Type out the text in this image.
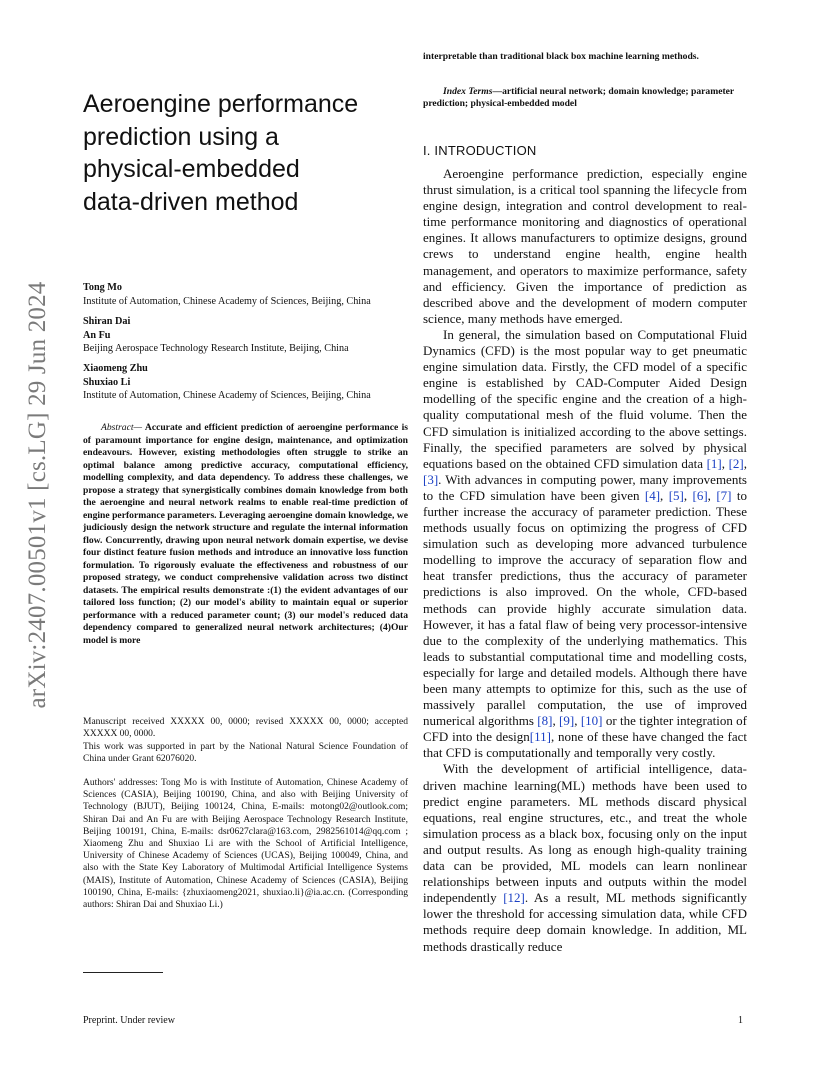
arXiv:2407.00501v1 [cs.LG] 29 Jun 2024
Aeroengine performance
prediction using a
physical-embedded
data-driven method
Tong Mo
Institute of Automation, Chinese Academy of Sciences, Beijing, China
Shiran Dai
An Fu
Beijing Aerospace Technology Research Institute, Beijing, China
Xiaomeng Zhu
Shuxiao Li
Institute of Automation, Chinese Academy of Sciences, Beijing, China

Abstract— Accurate and efficient prediction of aeroengine performance is of paramount importance for engine design, maintenance, and optimization endeavours. However, existing methodologies often struggle to strike an optimal balance among predictive accuracy, computational efficiency, modelling complexity, and data dependency. To address these challenges, we propose a strategy that synergistically combines domain knowledge from both the aeroengine and neural network realms to enable real-time prediction of engine performance parameters. Leveraging aeroengine domain knowledge, we judiciously design the network structure and regulate the internal information flow. Concurrently, drawing upon neural network domain expertise, we devise four distinct feature fusion methods and introduce an innovative loss function formulation. To rigorously evaluate the effectiveness and robustness of our proposed strategy, we conduct comprehensive validation across two distinct datasets. The empirical results demonstrate :(1) the evident advantages of our tailored loss function; (2) our model's ability to maintain equal or superior performance with a reduced parameter count; (3) our model's reduced data dependency compared to generalized neural network architectures; (4)Our model is more

Manuscript received XXXXX 00, 0000; revised XXXXX 00, 0000; accepted XXXXX 00, 0000.

This work was supported in part by the National Natural Science Foundation of China under Grant 62076020.

Authors' addresses: Tong Mo is with Institute of Automation, Chinese Academy of Sciences (CASIA), Beijing 100190, China, and also with Beijing University of Technology (BJUT), Beijing 100124, China, E-mails: motong02@outlook.com; Shiran Dai and An Fu are with Beijing Aerospace Technology Research Institute, Beijing 100191, China, E-mails: dsr0627clara@163.com, 2982561014@qq.com ; Xiaomeng Zhu and Shuxiao Li are with the School of Artificial Intelligence, University of Chinese Academy of Sciences (UCAS), Beijing 100049, China, and also with the State Key Laboratory of Multimodal Artificial Intelligence Systems (MAIS), Institute of Automation, Chinese Academy of Sciences (CASIA), Beijing 100190, China, E-mails: {zhuxiaomeng2021, shuxiao.li}@ia.ac.cn. (Corresponding authors: Shiran Dai and Shuxiao Li.)

interpretable than traditional black box machine learning methods.

Index Terms—artificial neural network; domain knowledge; parameter prediction; physical-embedded model

I. INTRODUCTION

Aeroengine performance prediction, especially engine thrust simulation, is a critical tool spanning the lifecycle from engine design, integration and control development to real-time performance monitoring and diagnostics of operational engines. It allows manufacturers to optimize designs, ground crews to understand engine health, engine health management, and operators to maximize performance, safety and efficiency. Given the importance of prediction as described above and the development of modern computer science, many methods have emerged.

In general, the simulation based on Computational Fluid Dynamics (CFD) is the most popular way to get pneumatic engine simulation data. Firstly, the CFD model of a specific engine is established by CAD-Computer Aided Design modelling of the specific engine and the creation of a high-quality computational mesh of the fluid volume. Then the CFD simulation is initialized according to the above settings. Finally, the specified parameters are solved by physical equations based on the obtained CFD simulation data [1], [2], [3]. With advances in computing power, many improvements to the CFD simulation have been given [4], [5], [6], [7] to further increase the accuracy of parameter prediction. These methods usually focus on optimizing the progress of CFD simulation such as developing more advanced turbulence modelling to improve the accuracy of separation flow and heat transfer predictions, thus the accuracy of parameter predictions is also improved. On the whole, CFD-based methods can provide highly accurate simulation data. However, it has a fatal flaw of being very processor-intensive due to the complexity of the underlying mathematics. This leads to substantial computational time and modelling costs, especially for large and detailed models. Although there have been many attempts to optimize for this, such as the use of massively parallel computation, the use of improved numerical algorithms [8], [9], [10] or the tighter integration of CFD into the design[11], none of these have changed the fact that CFD is computationally and temporally very costly.

With the development of artificial intelligence, data-driven machine learning(ML) methods have been used to predict engine parameters. ML methods discard physical equations, real engine structures, etc., and treat the whole simulation process as a black box, focusing only on the input and output results. As long as enough high-quality training data can be provided, ML models can learn nonlinear relationships between inputs and outputs within the model independently [12]. As a result, ML methods significantly lower the threshold for accessing simulation data, while CFD methods require deep domain knowledge. In addition, ML methods drastically reduce

Preprint. Under review	1
